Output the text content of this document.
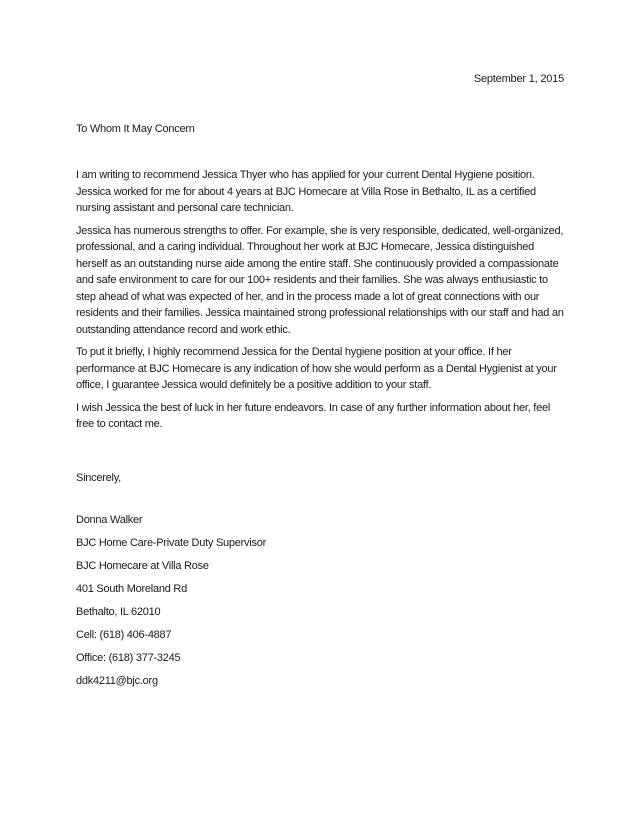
September 1, 2015

To Whom It May Concern

I am writing to recommend Jessica Thyer who has applied for your current Dental Hygiene position. Jessica worked for me for about 4 years at BJC Homecare at Villa Rose in Bethalto, IL as a certified nursing assistant and personal care technician.

Jessica has numerous strengths to offer. For example, she is very responsible, dedicated, well-organized, professional, and a caring individual. Throughout her work at BJC Homecare, Jessica distinguished herself as an outstanding nurse aide among the entire staff. She continuously provided a compassionate and safe environment to care for our 100+ residents and their families. She was always enthusiastic to step ahead of what was expected of her, and in the process made a lot of great connections with our residents and their families. Jessica maintained strong professional relationships with our staff and had an outstanding attendance record and work ethic.

To put it briefly, I highly recommend Jessica for the Dental hygiene position at your office. If her performance at BJC Homecare is any indication of how she would perform as a Dental Hygienist at your office, I guarantee Jessica would definitely be a positive addition to your staff.

I wish Jessica the best of luck in her future endeavors. In case of any further information about her, feel free to contact me.

Sincerely,

Donna Walker
BJC Home Care-Private Duty Supervisor
BJC Homecare at Villa Rose
401 South Moreland Rd
Bethalto, IL 62010
Cell: (618) 406-4887
Office: (618) 377-3245
ddk4211@bjc.org
